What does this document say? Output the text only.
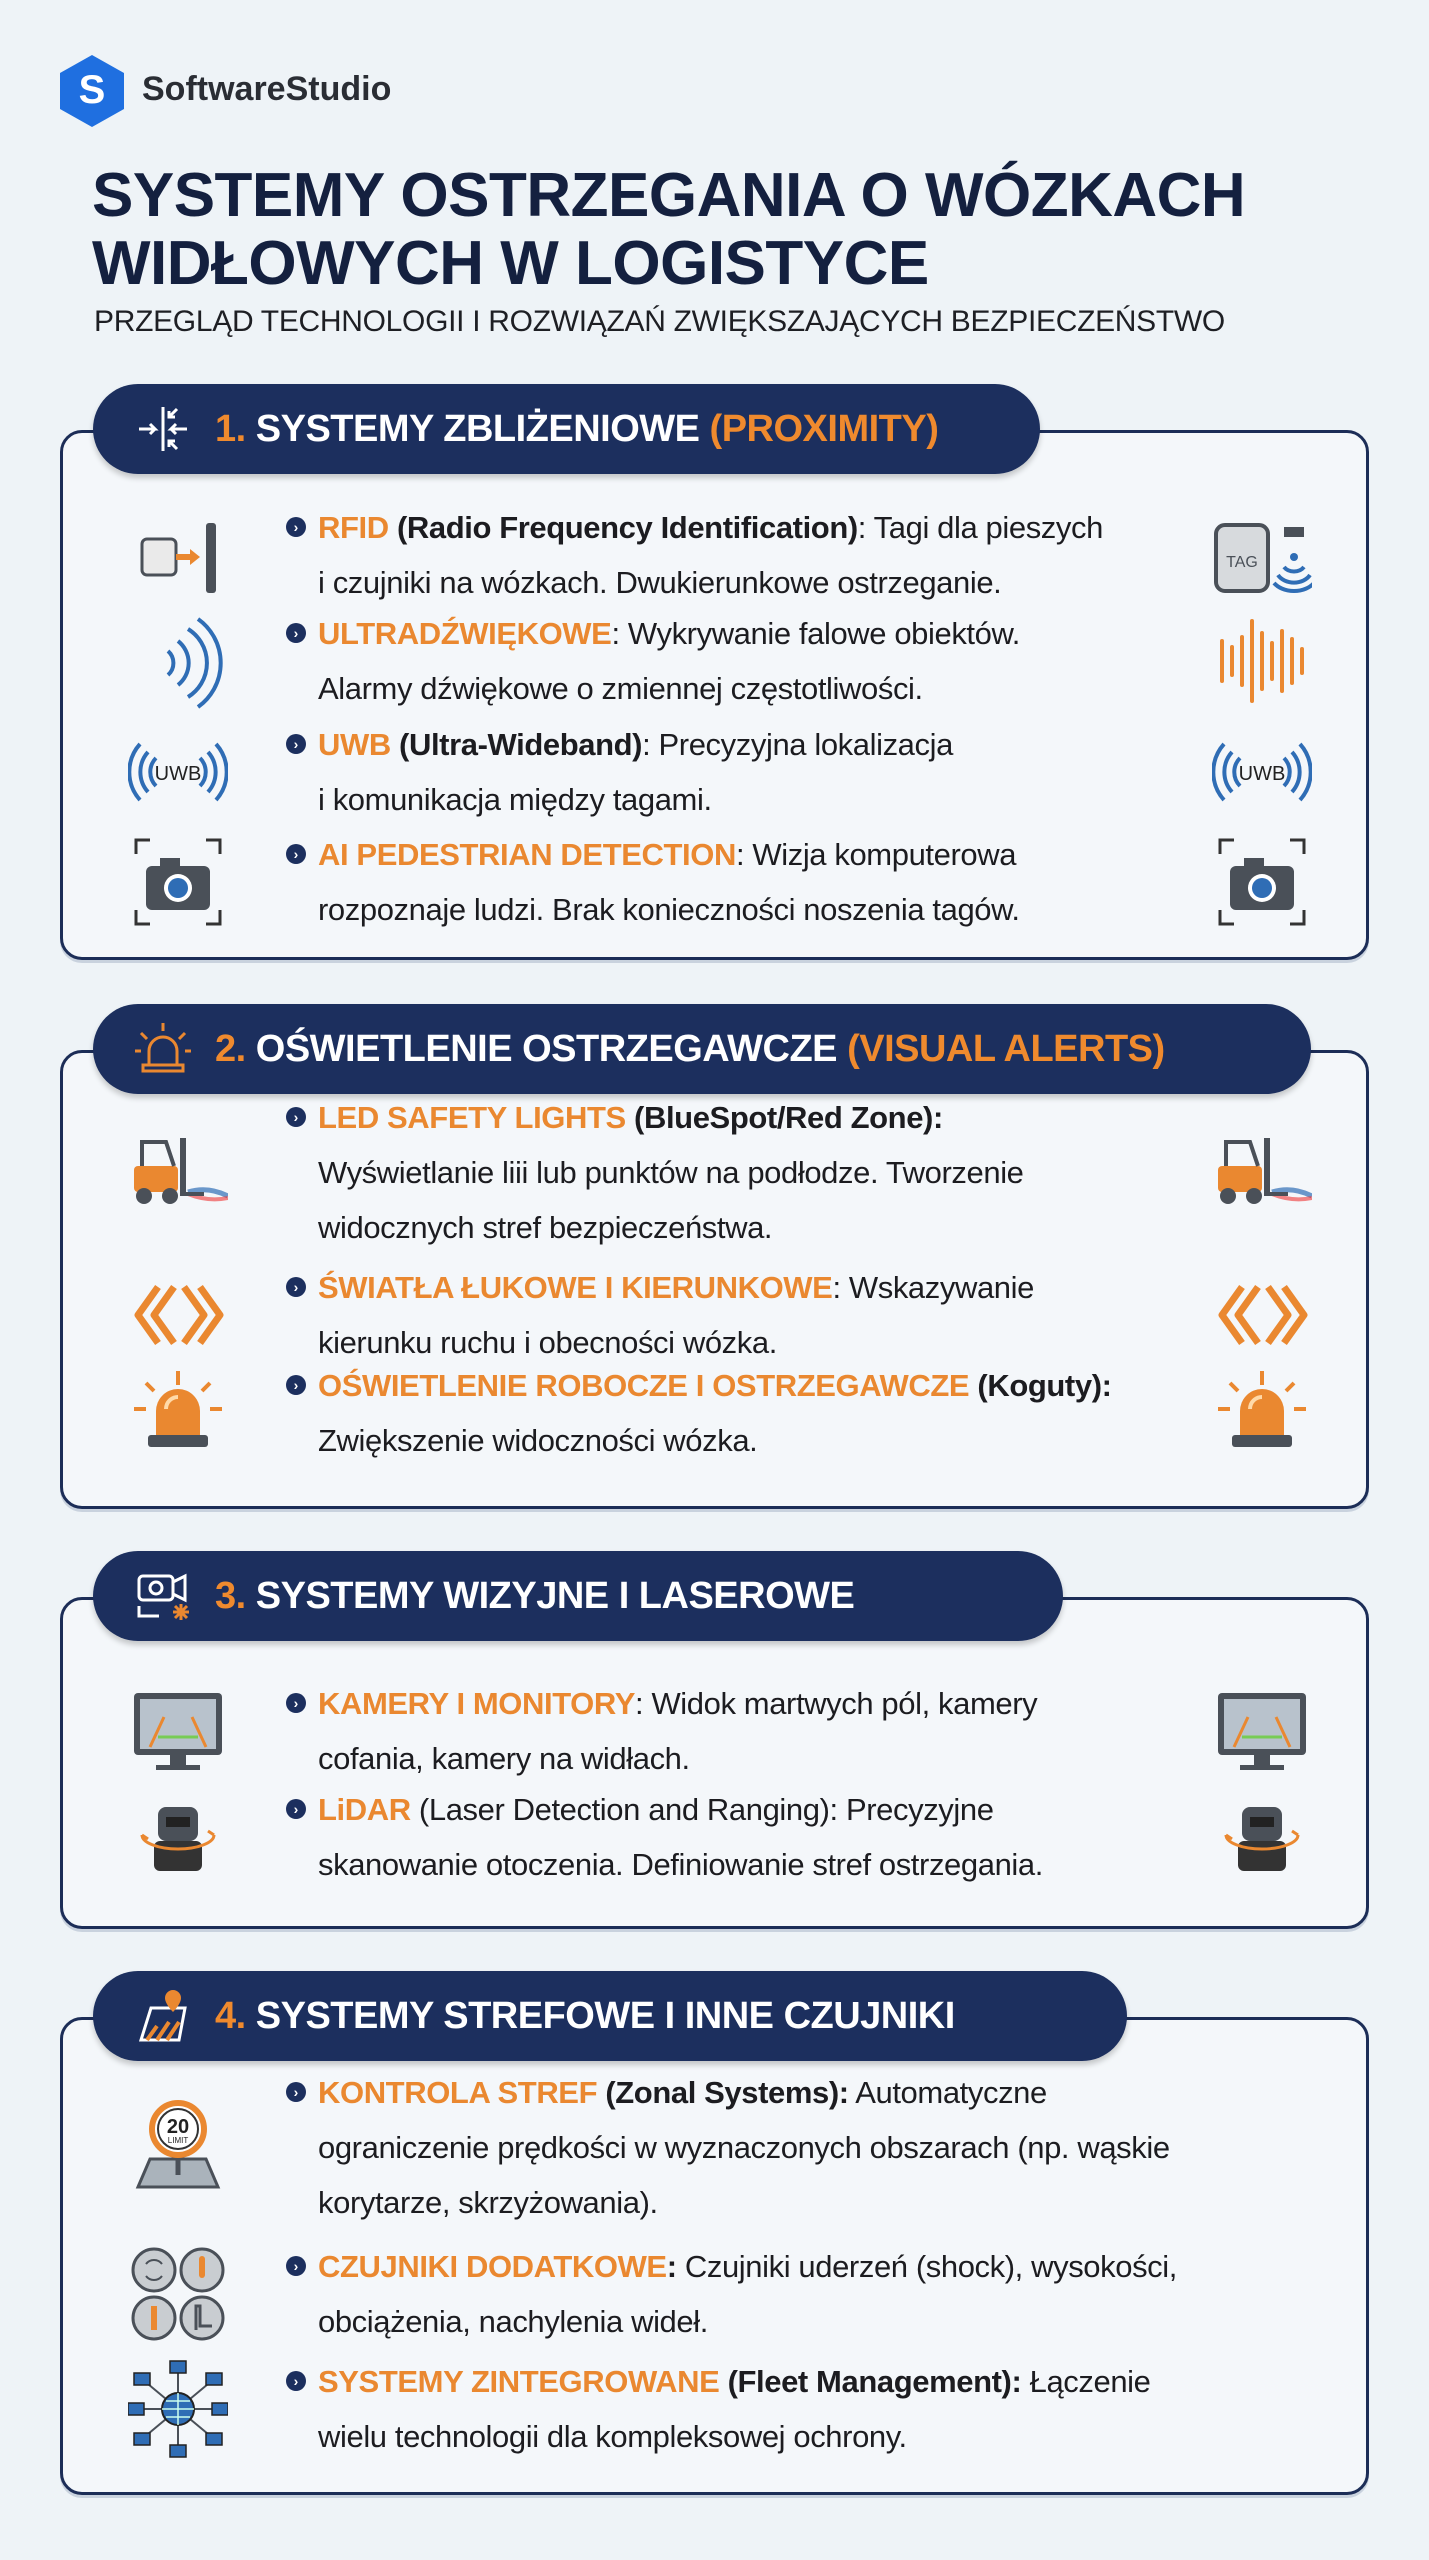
S SoftwareStudio
SYSTEMY OSTRZEGANIA O WÓZKACH
WIDŁOWYCH W LOGISTYCE
PRZEGLĄD TECHNOLOGII I ROZWIĄZAŃ ZWIĘKSZAJĄCYCH BEZPIECZEŃSTWO
1. SYSTEMY ZBLIŻENIOWE (PROXIMITY)
› RFID (Radio Frequency Identification): Tagi dla pieszych
i czujniki na wózkach. Dwukierunkowe ostrzeganie.
TAG
› ULTRADŹWIĘKOWE: Wykrywanie falowe obiektów.
Alarmy dźwiękowe o zmiennej częstotliwości.
› UWB (Ultra-Wideband): Precyzyjna lokalizacja
i komunikacja między tagami.
UWB	UWB
› AI PEDESTRIAN DETECTION: Wizja komputerowa
rozpoznaje ludzi. Brak konieczności noszenia tagów.
2. OŚWIETLENIE OSTRZEGAWCZE (VISUAL ALERTS)
› LED SAFETY LIGHTS (BlueSpot/Red Zone):
Wyświetlanie liii lub punktów na podłodze. Tworzenie
widocznych stref bezpieczeństwa.
› ŚWIATŁA ŁUKOWE I KIERUNKOWE: Wskazywanie
kierunku ruchu i obecności wózka.
› OŚWIETLENIE ROBOCZE I OSTRZEGAWCZE (Koguty):
Zwiększenie widoczności wózka.
3. SYSTEMY WIZYJNE I LASEROWE
› KAMERY I MONITORY: Widok martwych pól, kamery
cofania, kamery na widłach.
› LiDAR (Laser Detection and Ranging): Precyzyjne
skanowanie otoczenia. Definiowanie stref ostrzegania.
4. SYSTEMY STREFOWE I INNE CZUJNIKI
› KONTROLA STREF (Zonal Systems): Automatyczne
ograniczenie prędkości w wyznaczonych obszarach (np. wąskie
korytarze, skrzyżowania).
20
LIMIT
› CZUJNIKI DODATKOWE: Czujniki uderzeń (shock), wysokości,
obciążenia, nachylenia wideł.
› SYSTEMY ZINTEGROWANE (Fleet Management): Łączenie
wielu technologii dla kompleksowej ochrony.
